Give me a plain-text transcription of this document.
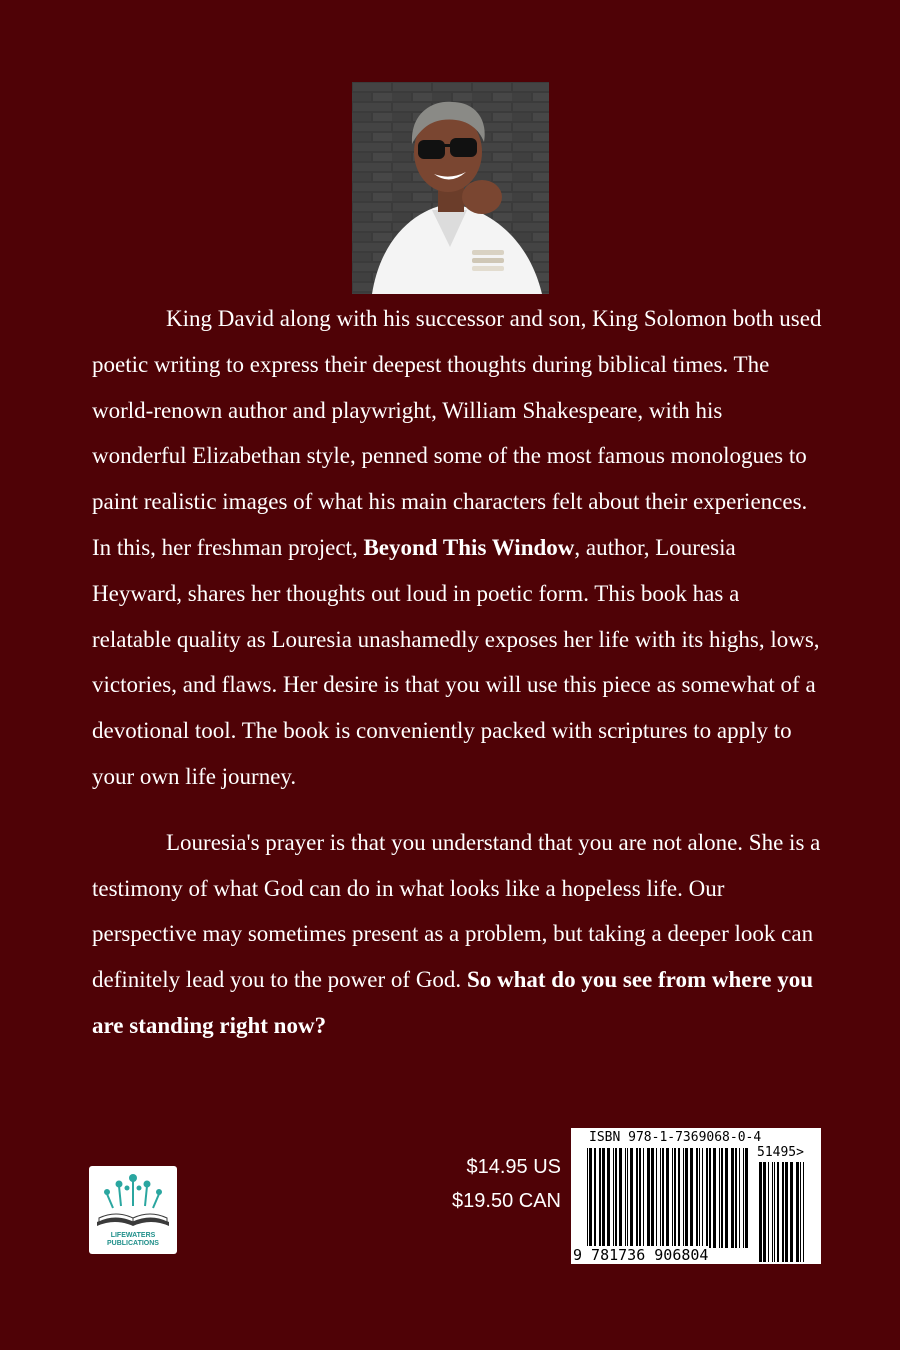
King David along with his successor and son, King Solomon both used poetic writing to express their deepest thoughts during biblical times. The world-renown author and playwright, William Shakespeare, with his wonderful Elizabethan style, penned some of the most famous monologues to paint realistic images of what his main characters felt about their experiences. In this, her freshman project, Beyond This Window, author, Louresia Heyward, shares her thoughts out loud in poetic form. This book has a relatable quality as Louresia unashamedly exposes her life with its highs, lows, victories, and flaws. Her desire is that you will use this piece as somewhat of a devotional tool. The book is conveniently packed with scriptures to apply to your own life journey.

Louresia's prayer is that you understand that you are not alone. She is a testimony of what God can do in what looks like a hopeless life. Our perspective may sometimes present as a problem, but taking a deeper look can definitely lead you to the power of God. So what do you see from where you are standing right now?

LIFEWATERS
PUBLICATIONS
$14.95 US
$19.50 CAN
ISBN 978-1-7369068-0-4
51495>
9 781736 906804
